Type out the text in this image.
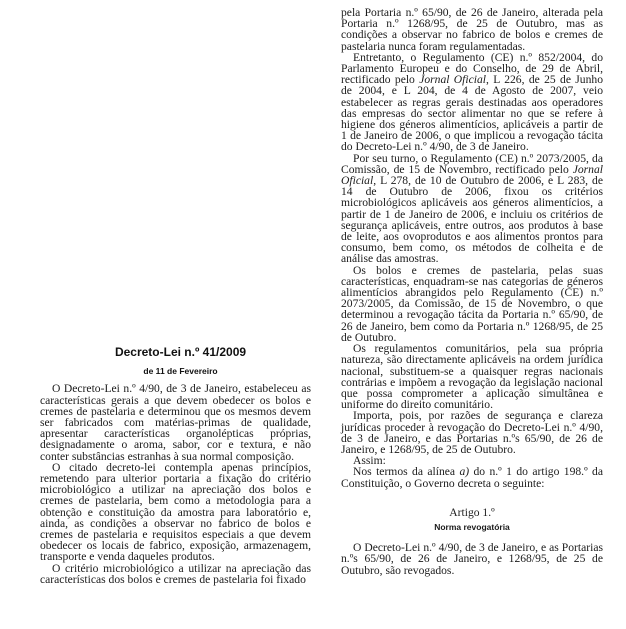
Decreto-Lei n.º 41/2009
de 11 de Fevereiro

O Decreto-Lei n.º 4/90, de 3 de Janeiro, estabeleceu as características gerais a que devem obedecer os bolos e cremes de pastelaria e determinou que os mesmos devem ser fabricados com matérias-primas de qualidade, apresentar características organolépticas próprias, designadamente o aroma, sabor, cor e textura, e não conter substâncias estranhas à sua normal composição.

O citado decreto-lei contempla apenas princípios, remetendo para ulterior portaria a fixação do critério microbiológico a utilizar na apreciação dos bolos e cremes de pastelaria, bem como a metodologia para a obtenção e constituição da amostra para laboratório e, ainda, as condições a observar no fabrico de bolos e cremes de pastelaria e requisitos especiais a que devem obedecer os locais de fabrico, exposição, armazenagem, transporte e venda daqueles produtos.

O critério microbiológico a utilizar na apreciação das características dos bolos e cremes de pastelaria foi fixado

pela Portaria n.º 65/90, de 26 de Janeiro, alterada pela Portaria n.º 1268/95, de 25 de Outubro, mas as condições a observar no fabrico de bolos e cremes de pastelaria nunca foram regulamentadas.

Entretanto, o Regulamento (CE) n.º 852/2004, do Parlamento Europeu e do Conselho, de 29 de Abril, rectificado pelo Jornal Oficial, L 226, de 25 de Junho de 2004, e L 204, de 4 de Agosto de 2007, veio estabelecer as regras gerais destinadas aos operadores das empresas do sector alimentar no que se refere à higiene dos géneros alimentícios, aplicáveis a partir de 1 de Janeiro de 2006, o que implicou a revogação tácita do Decreto-Lei n.º 4/90, de 3 de Janeiro.

Por seu turno, o Regulamento (CE) n.º 2073/2005, da Comissão, de 15 de Novembro, rectificado pelo Jornal Oficial, L 278, de 10 de Outubro de 2006, e L 283, de 14 de Outubro de 2006, fixou os critérios microbiológicos aplicáveis aos géneros alimentícios, a partir de 1 de Janeiro de 2006, e incluiu os critérios de segurança aplicáveis, entre outros, aos produtos à base de leite, aos ovoprodutos e aos alimentos prontos para consumo, bem como, os métodos de colheita e de análise das amostras.

Os bolos e cremes de pastelaria, pelas suas características, enquadram-se nas categorias de géneros alimentícios abrangidos pelo Regulamento (CE) n.º 2073/2005, da Comissão, de 15 de Novembro, o que determinou a revogação tácita da Portaria n.º 65/90, de 26 de Janeiro, bem como da Portaria n.º 1268/95, de 25 de Outubro.

Os regulamentos comunitários, pela sua própria natureza, são directamente aplicáveis na ordem jurídica nacional, substituem-se a quaisquer regras nacionais contrárias e impõem a revogação da legislação nacional que possa comprometer a aplicação simultânea e uniforme do direito comunitário.

Importa, pois, por razões de segurança e clareza jurídicas proceder à revogação do Decreto-Lei n.º 4/90, de 3 de Janeiro, e das Portarias n.ºs 65/90, de 26 de Janeiro, e 1268/95, de 25 de Outubro.

Assim:

Nos termos da alínea a) do n.º 1 do artigo 198.º da Constituição, o Governo decreta o seguinte:

Artigo 1.º
Norma revogatória

O Decreto-Lei n.º 4/90, de 3 de Janeiro, e as Portarias n.ºs 65/90, de 26 de Janeiro, e 1268/95, de 25 de Outubro, são revogados.
